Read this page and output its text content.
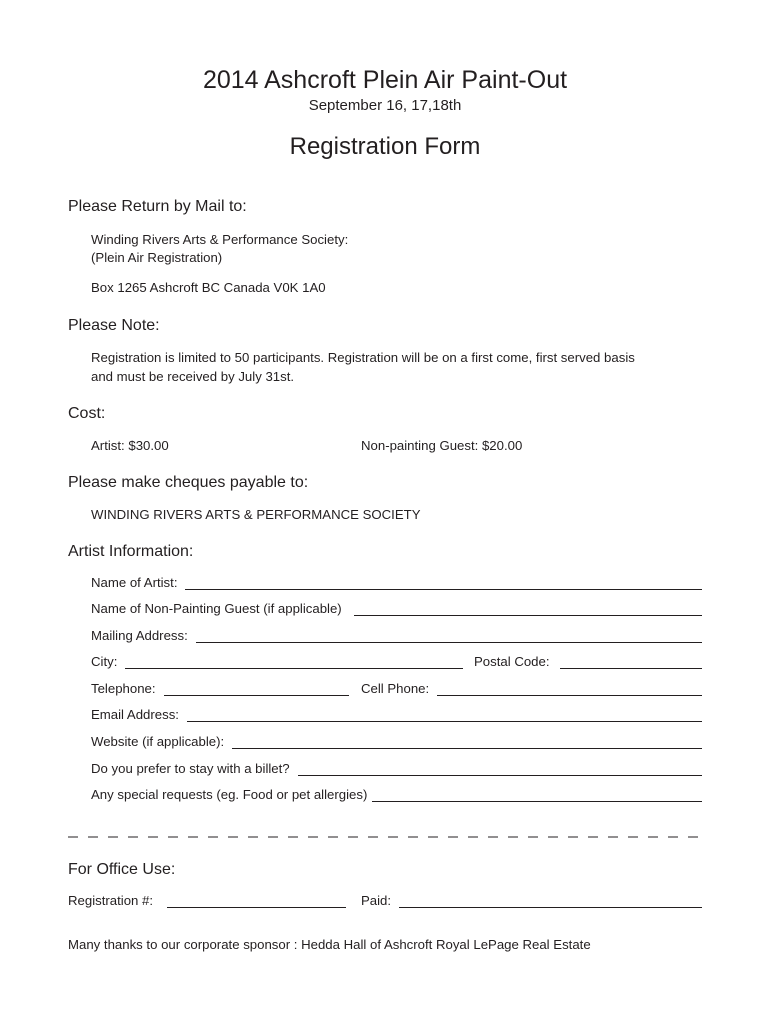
2014 Ashcroft Plein Air Paint-Out
September 16, 17,18th
Registration Form
Please Return by Mail to:
Winding Rivers Arts & Performance Society:
(Plein Air Registration)
Box 1265 Ashcroft BC Canada V0K 1A0
Please Note:
Registration is limited to 50 participants. Registration will be on a first come, first served basis
and must be received by July 31st.
Cost:
Artist: $30.00	Non-painting Guest: $20.00
Please make cheques payable to:
WINDING RIVERS ARTS & PERFORMANCE SOCIETY
Artist Information:
Name of Artist:
Name of Non-Painting Guest (if applicable)
Mailing Address:
City:	Postal Code:
Telephone:	Cell Phone:
Email Address:
Website (if applicable):
Do you prefer to stay with a billet?
Any special requests (eg. Food or pet allergies)
For Office Use:
Registration #:	Paid:
Many thanks to our corporate sponsor : Hedda Hall of Ashcroft Royal LePage Real Estate
